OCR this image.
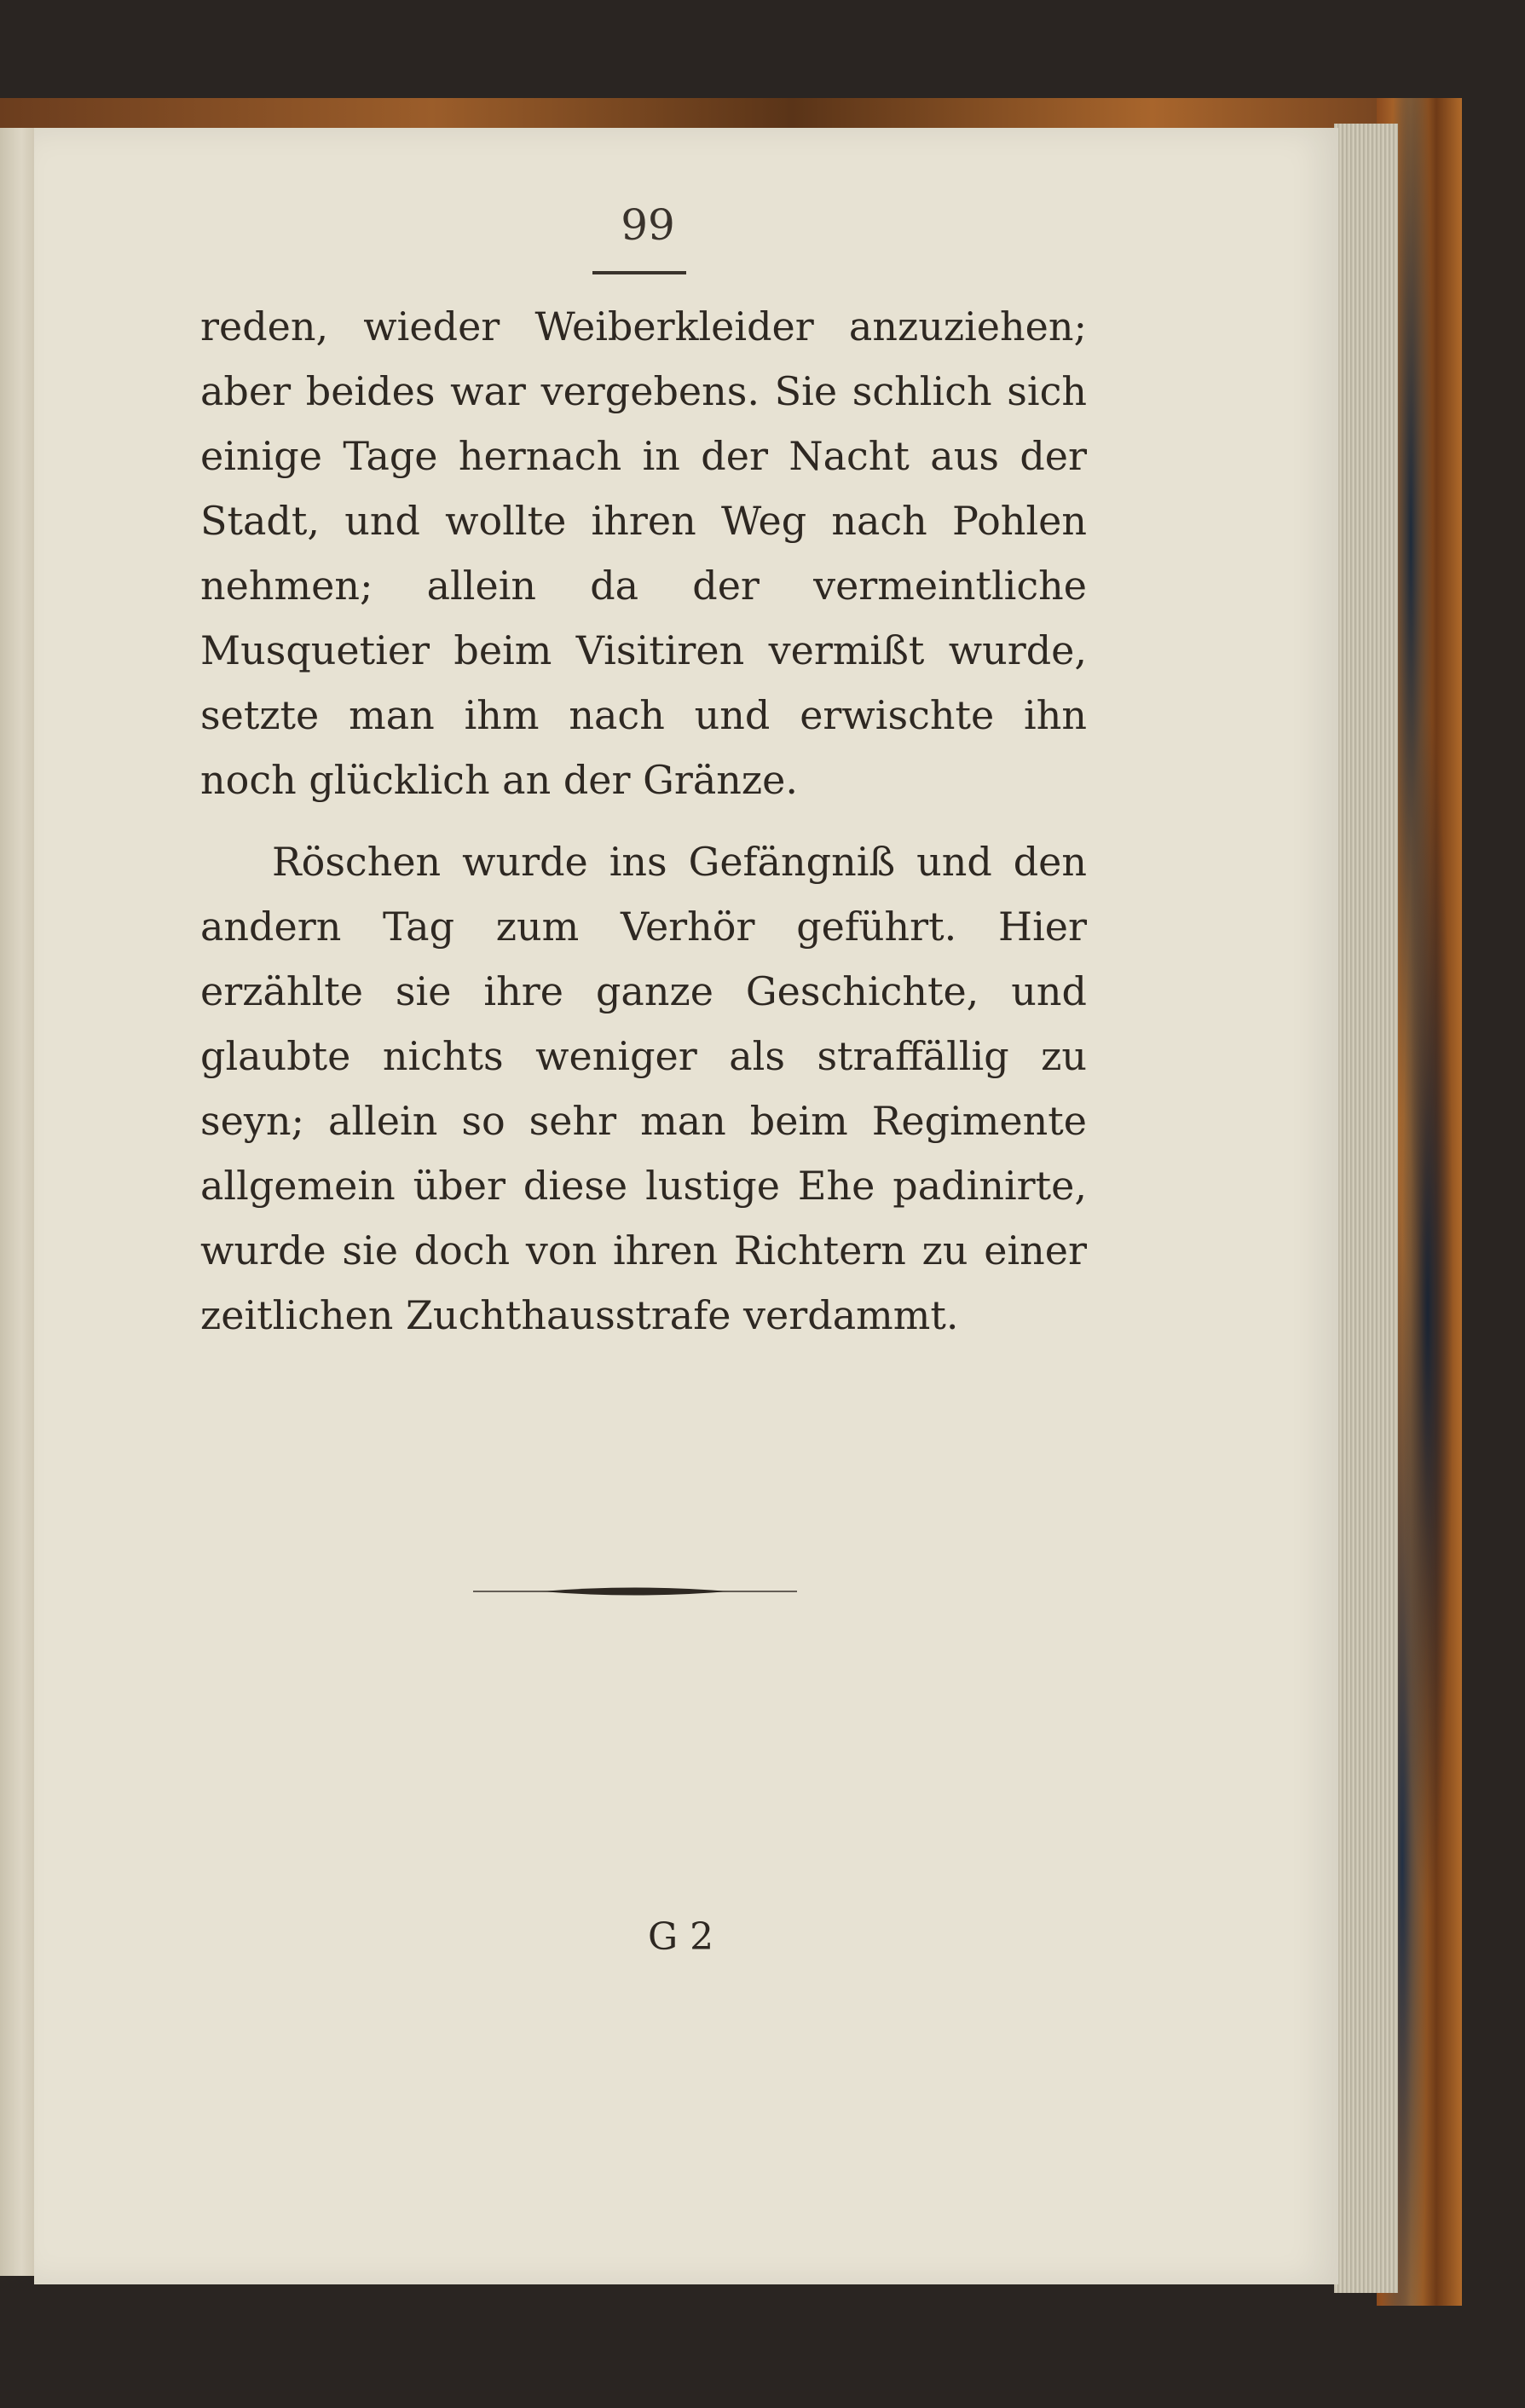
99

reden, wieder Weiberkleider anzuziehen; aber beides war vergebens. Sie schlich sich einige Tage hernach in der Nacht aus der Stadt, und wollte ihren Weg nach Pohlen nehmen; allein da der vermeintliche Musquetier beim Visitiren vermißt wurde, setzte man ihm nach und erwischte ihn noch glücklich an der Gränze.

Röschen wurde ins Gefängniß und den andern Tag zum Verhör geführt. Hier erzählte sie ihre ganze Geschichte, und glaubte nichts weniger als straffällig zu seyn; allein so sehr man beim Regimente allgemein über diese lustige Ehe padinirte, wurde sie doch von ihren Richtern zu einer zeitlichen Zuchthausstrafe verdammt.

G 2
